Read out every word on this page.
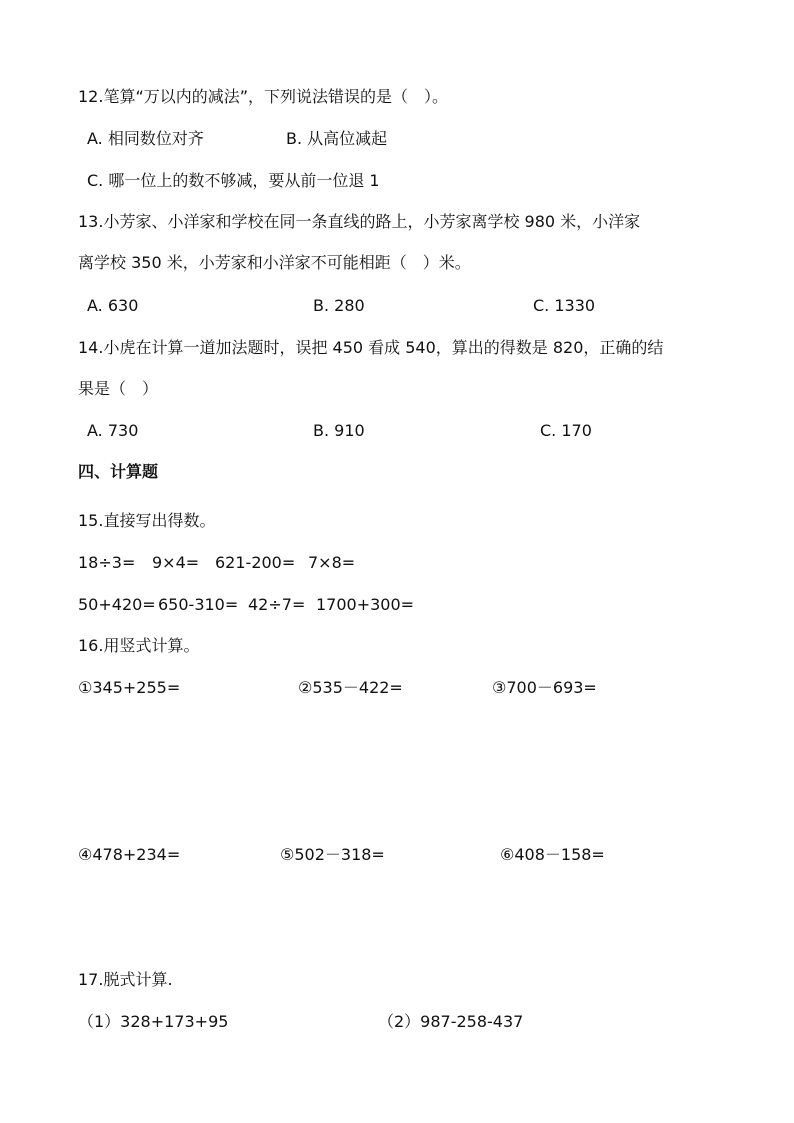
12.笔算“万以内的减法”，下列说法错误的是（　）。
A. 相同数位对齐	B. 从高位减起
C. 哪一位上的数不够减，要从前一位退 1
13.小芳家、小洋家和学校在同一条直线的路上，小芳家离学校 980 米，小洋家
离学校 350 米，小芳家和小洋家不可能相距（　）米。
A. 630	B. 280	C. 1330
14.小虎在计算一道加法题时，误把 450 看成 540，算出的得数是 820，正确的结
果是（　）
A. 730	B. 910	C. 170
四、计算题
15.直接写出得数。
18÷3= 9×4= 621-200= 7×8=
50+420= 650-310= 42÷7= 1700+300=
16.用竖式计算。
①345+255=	②535－422=	③700－693=
④478+234=	⑤502－318=	⑥408－158=
17.脱式计算.
（1）328+173+95	（2）987-258-437
